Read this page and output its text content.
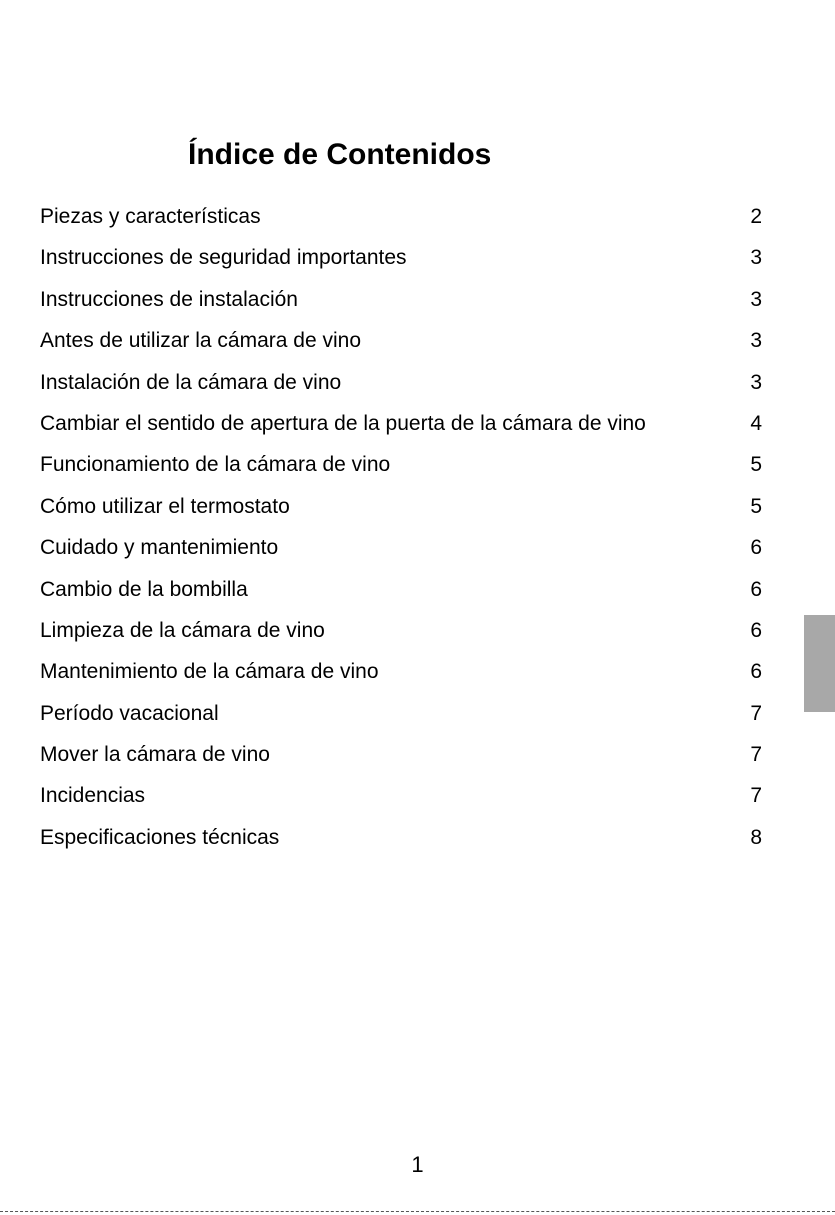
Índice de Contenidos
Piezas y características	2
Instrucciones de seguridad importantes	3
Instrucciones de instalación	3
Antes de utilizar la cámara de vino	3
Instalación de la cámara de vino	3
Cambiar el sentido de apertura de la puerta de la cámara de vino	4
Funcionamiento de la cámara de vino	5
Cómo utilizar el termostato	5
Cuidado y mantenimiento	6
Cambio de la bombilla	6
Limpieza de la cámara de vino	6
Mantenimiento de la cámara de vino	6
Período vacacional	7
Mover la cámara de vino	7
Incidencias	7
Especificaciones técnicas	8
1
